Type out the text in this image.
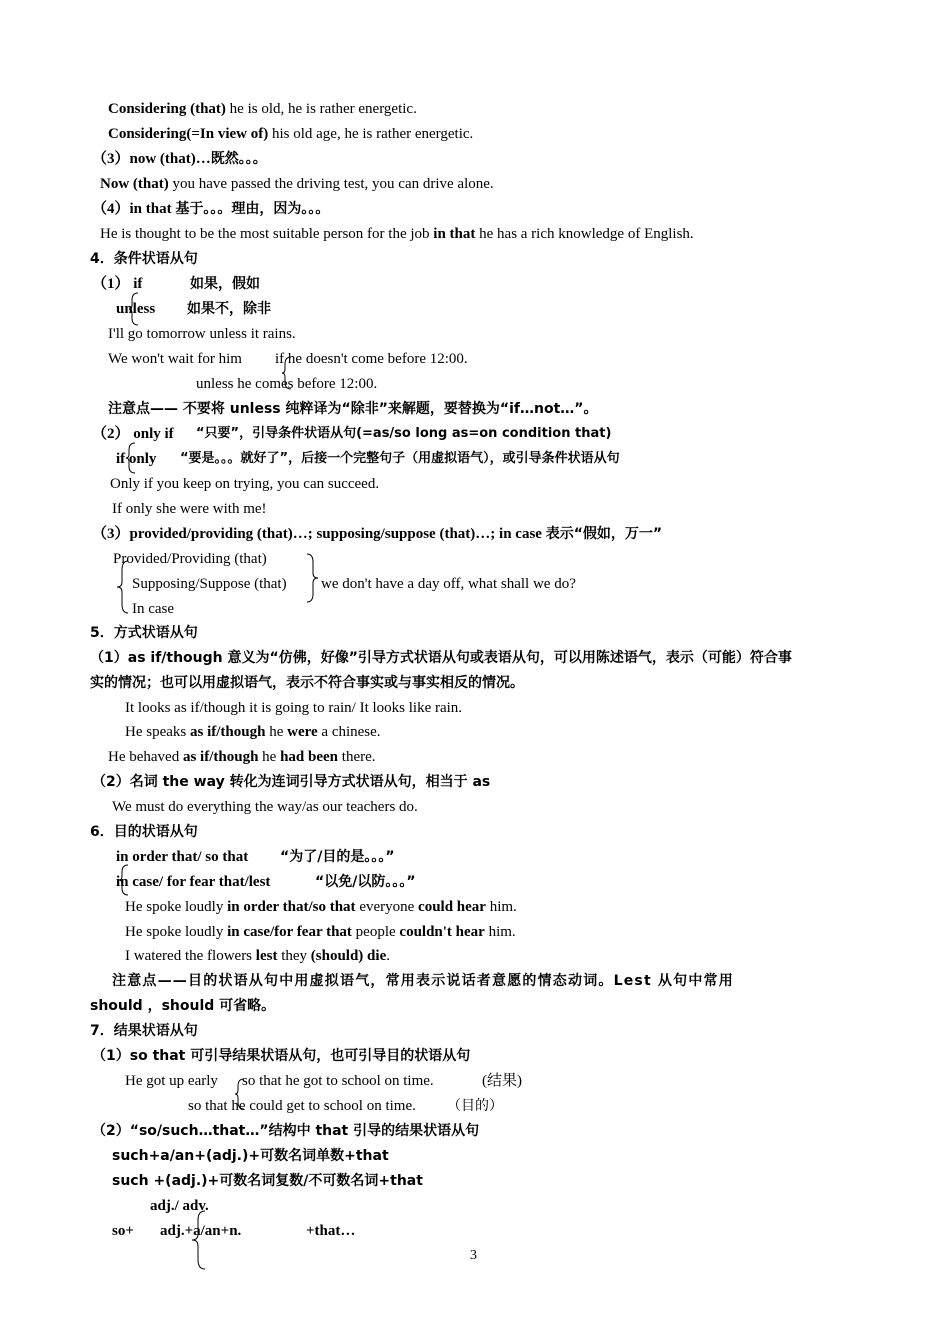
Considering (that) he is old, he is rather energetic.
Considering(=In view of) his old age, he is rather energetic.
（3）now (that)…既然。。。
Now (that) you have passed the driving test, you can drive alone.
（4）in that 基于。。。理由，因为。。。
He is thought to be the most suitable person for the job in that he has a rich knowledge of English.
4．条件状语从句
（1） if	如果，假如
unless 如果不，除非
I'll go tomorrow unless it rains.
We won't wait for him if he doesn't come before 12:00.
unless he comes before 12:00.
注意点—— 不要将 unless 纯粹译为“除非”来解题，要替换为“if…not…”。
（2） only if “只要”，引导条件状语从句(=as/so long as=on condition that)
if only “要是。。。就好了”，后接一个完整句子（用虚拟语气），或引导条件状语从句
Only if you keep on trying, you can succeed.
If only she were with me!
（3）provided/providing (that)…; supposing/suppose (that)…; in case 表示“假如，万一”
Provided/Providing (that)
Supposing/Suppose (that) we don't have a day off, what shall we do?
In case
5．方式状语从句
（1）as if/though 意义为“仿佛，好像”引导方式状语从句或表语从句，可以用陈述语气，表示（可能）符合事
实的情况；也可以用虚拟语气，表示不符合事实或与事实相反的情况。
It looks as if/though it is going to rain/ It looks like rain.
He speaks as if/though he were a chinese.
He behaved as if/though he had been there.
（2）名词 the way 转化为连词引导方式状语从句，相当于 as
We must do everything the way/as our teachers do.
6．目的状语从句
in order that/ so that “为了/目的是。。。”
in case/ for fear that/lest	“以免/以防。。。”
He spoke loudly in order that/so that everyone could hear him.
He spoke loudly in case/for fear that people couldn't hear him.
I watered the flowers lest they (should) die.
注意点——目的状语从句中用虚拟语气，常用表示说话者意愿的情态动词。Lest 从句中常用
should ，should 可省略。
7．结果状语从句
（1）so that 可引导结果状语从句，也可引导目的状语从句
He got up early so that he got to school on time.	(结果)
so that he could get to school on time. （目的）
（2）“so/such…that…”结构中 that 引导的结果状语从句
such+a/an+(adj.)+可数名词单数+that
such +(adj.)+可数名词复数/不可数名词+that
adj./ adv.
so+ adj.+a/an+n.	+that…
3
